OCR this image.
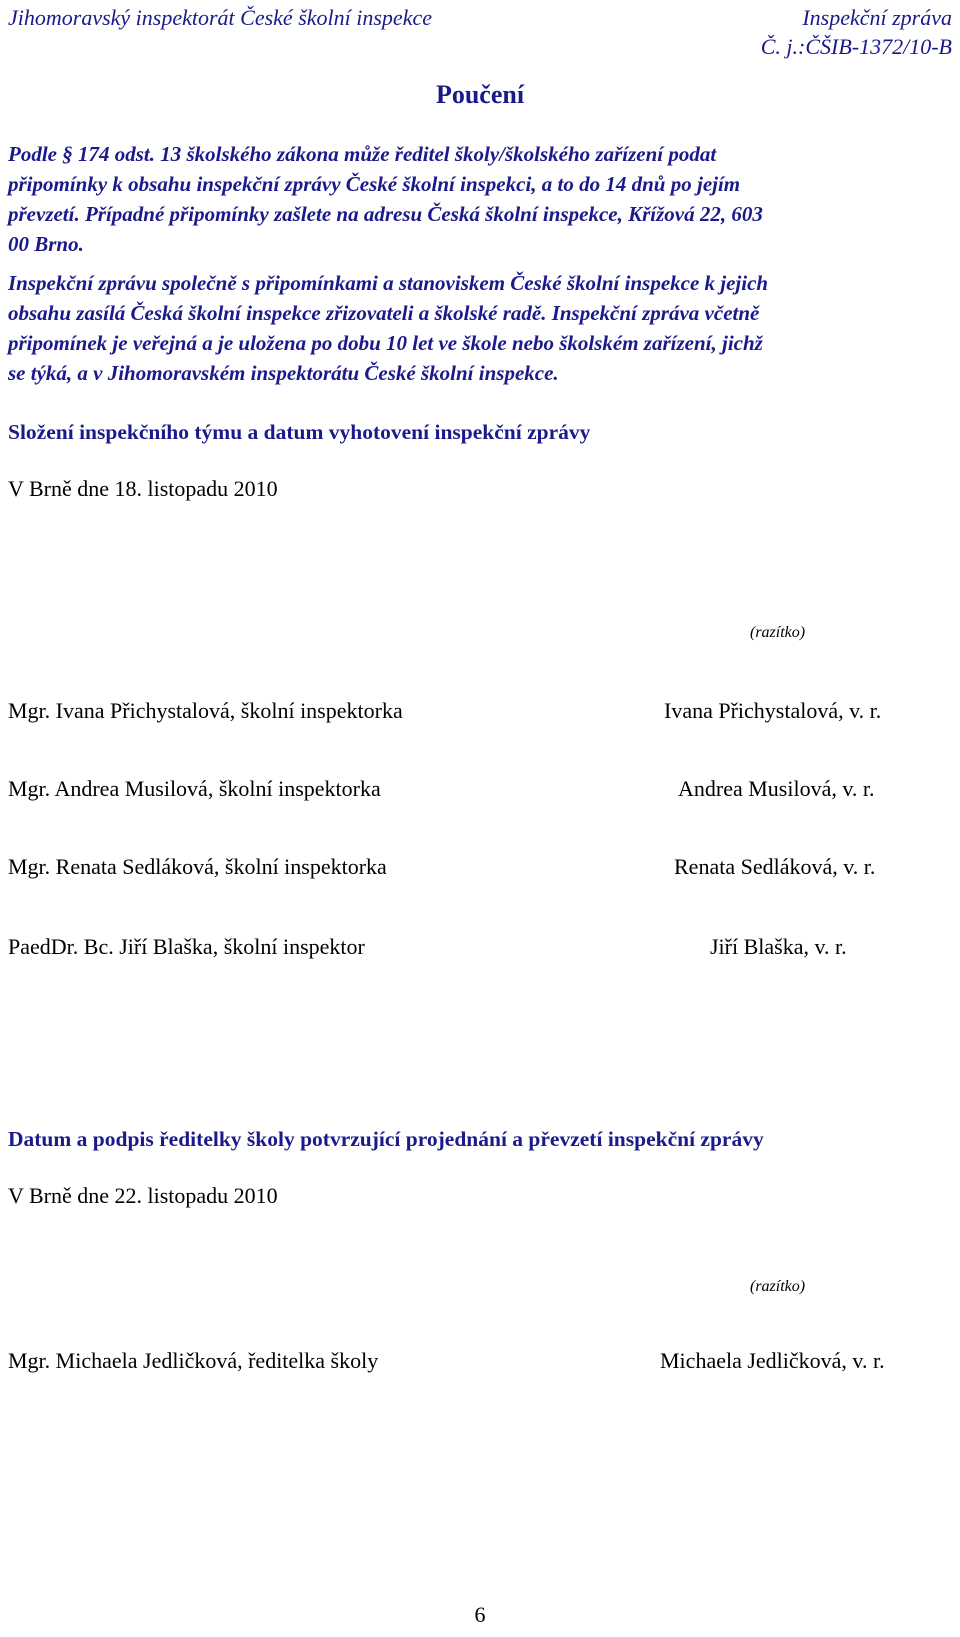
Jihomoravský inspektorát České školní inspekce	Inspekční zpráva
Č. j.:ČŠIB-1372/10-B
Poučení
Podle § 174 odst. 13 školského zákona může ředitel školy/školského zařízení podat
připomínky k obsahu inspekční zprávy České školní inspekci, a to do 14 dnů po jejím
převzetí. Případné připomínky zašlete na adresu Česká školní inspekce, Křížová 22, 603
00 Brno.
Inspekční zprávu společně s připomínkami a stanoviskem České školní inspekce k jejich
obsahu zasílá Česká školní inspekce zřizovateli a školské radě. Inspekční zpráva včetně
připomínek je veřejná a je uložena po dobu 10 let ve škole nebo školském zařízení, jichž
se týká, a v Jihomoravském inspektorátu České školní inspekce.
Složení inspekčního týmu a datum vyhotovení inspekční zprávy
V Brně dne 18. listopadu 2010
(razítko)
Mgr. Ivana Přichystalová, školní inspektorka	Ivana Přichystalová, v. r.
Mgr. Andrea Musilová, školní inspektorka	Andrea Musilová, v. r.
Mgr. Renata Sedláková, školní inspektorka	Renata Sedláková, v. r.
PaedDr. Bc. Jiří Blaška, školní inspektor	Jiří Blaška, v. r.
Datum a podpis ředitelky školy potvrzující projednání a převzetí inspekční zprávy
V Brně dne 22. listopadu 2010
(razítko)
Mgr. Michaela Jedličková, ředitelka školy	Michaela Jedličková, v. r.
6
